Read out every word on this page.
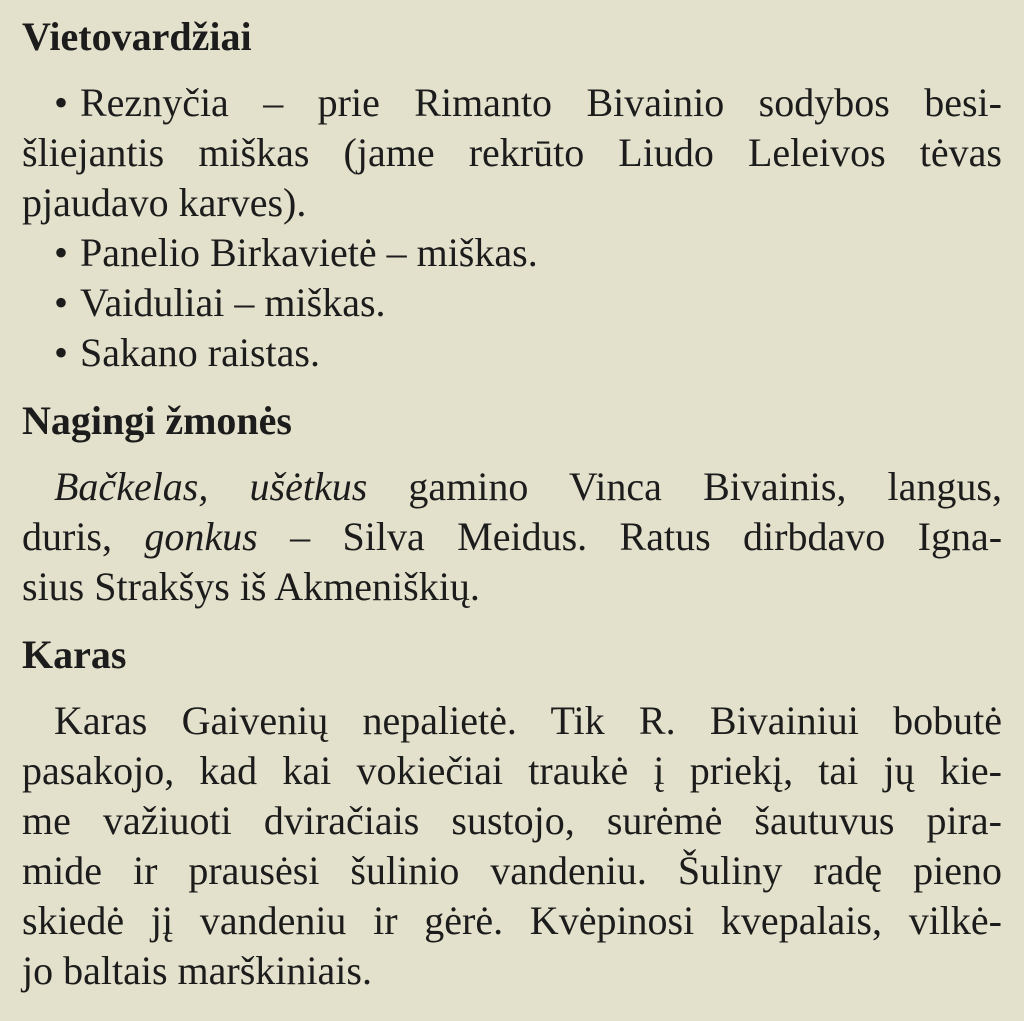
Vietovardžiai
• Reznyčia – prie Rimanto Bivainio sodybos besi-
šliejantis miškas (jame rekrūto Liudo Leleivos tėvas
pjaudavo karves).
• Panelio Birkavietė – miškas.
• Vaiduliai – miškas.
• Sakano raistas.
Nagingi žmonės
Bačkelas, ušėtkus gamino Vinca Bivainis, langus,
duris, gonkus – Silva Meidus. Ratus dirbdavo Igna-
sius Strakšys iš Akmeniškių.
Karas
Karas Gaivenių nepalietė. Tik R. Bivainiui bobutė
pasakojo, kad kai vokiečiai traukė į priekį, tai jų kie-
me važiuoti dviračiais sustojo, surėmė šautuvus pira-
mide ir prausėsi šulinio vandeniu. Šuliny radę pieno
skiedė jį vandeniu ir gėrė. Kvėpinosi kvepalais, vilkė-
jo baltais marškiniais.
